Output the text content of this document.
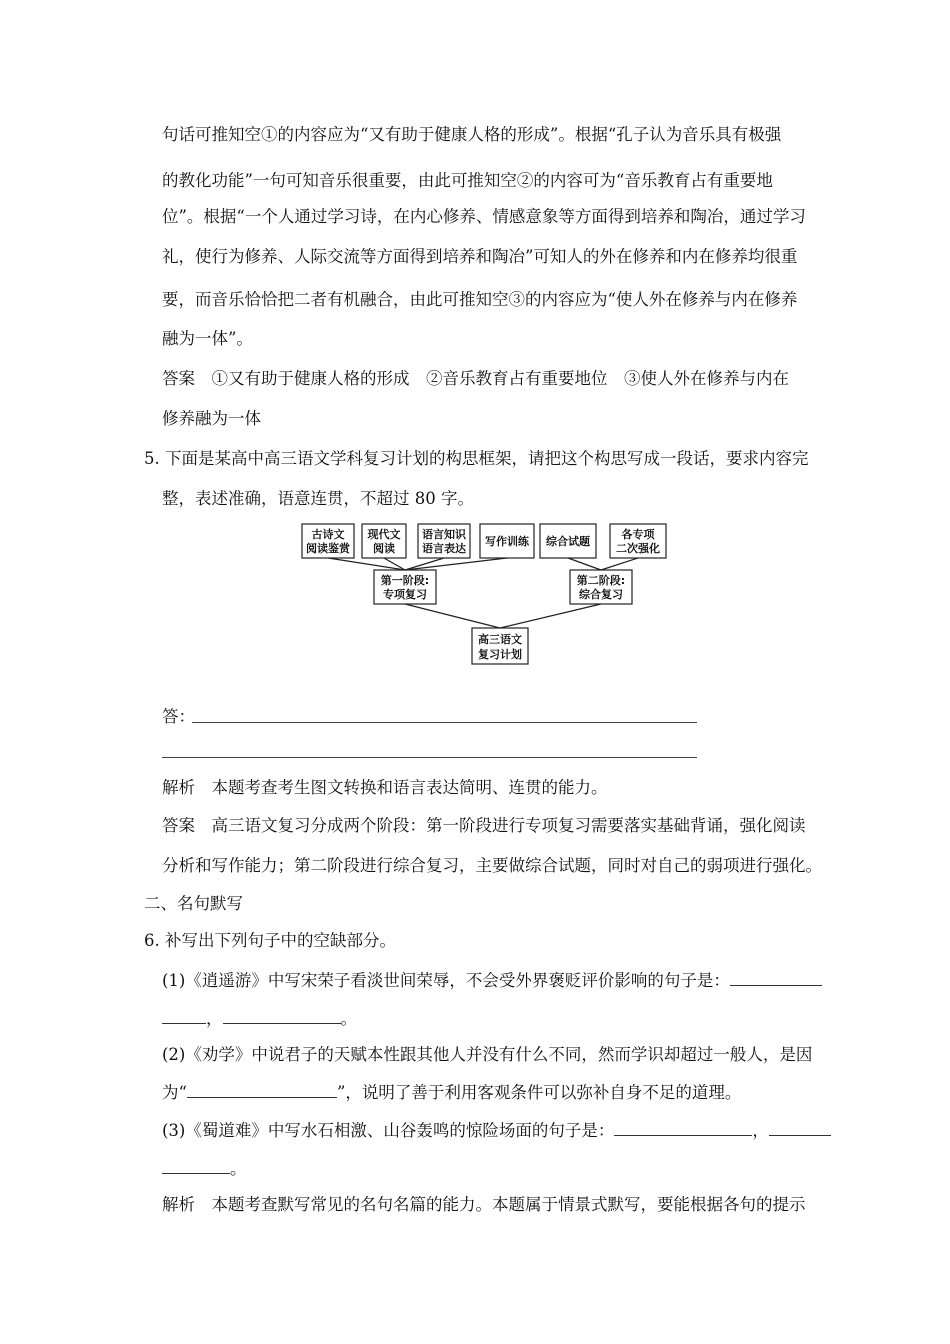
句话可推知空①的内容应为“又有助于健康人格的形成”。根据“孔子认为音乐具有极强
的教化功能”一句可知音乐很重要，由此可推知空②的内容可为“音乐教育占有重要地
位”。根据“一个人通过学习诗，在内心修养、情感意象等方面得到培养和陶冶，通过学习
礼，使行为修养、人际交流等方面得到培养和陶冶”可知人的外在修养和内在修养均很重
要，而音乐恰恰把二者有机融合，由此可推知空③的内容应为“使人外在修养与内在修养
融为一体”。
答案　①又有助于健康人格的形成　②音乐教育占有重要地位　③使人外在修养与内在
修养融为一体
5. 下面是某高中高三语文学科复习计划的构思框架，请把这个构思写成一段话，要求内容完
整，表述准确，语意连贯，不超过 80 字。
古诗文
阅读鉴赏
现代文
阅读
语言知识
语言表达
写作训练 综合试题
各专项
二次强化
第一阶段:
专项复习
第二阶段:
综合复习
高三语文
复习计划
答：
解析　本题考查考生图文转换和语言表达简明、连贯的能力。
答案　高三语文复习分成两个阶段：第一阶段进行专项复习需要落实基础背诵，强化阅读
分析和写作能力；第二阶段进行综合复习，主要做综合试题，同时对自己的弱项进行强化。
二、名句默写
6. 补写出下列句子中的空缺部分。
(1)《逍遥游》中写宋荣子看淡世间荣辱，不会受外界褒贬评价影响的句子是：
，	。
(2)《劝学》中说君子的天赋本性跟其他人并没有什么不同，然而学识却超过一般人，是因
为“	”，说明了善于利用客观条件可以弥补自身不足的道理。
(3)《蜀道难》中写水石相激、山谷轰鸣的惊险场面的句子是：	，
。
解析　本题考查默写常见的名句名篇的能力。本题属于情景式默写，要能根据各句的提示
